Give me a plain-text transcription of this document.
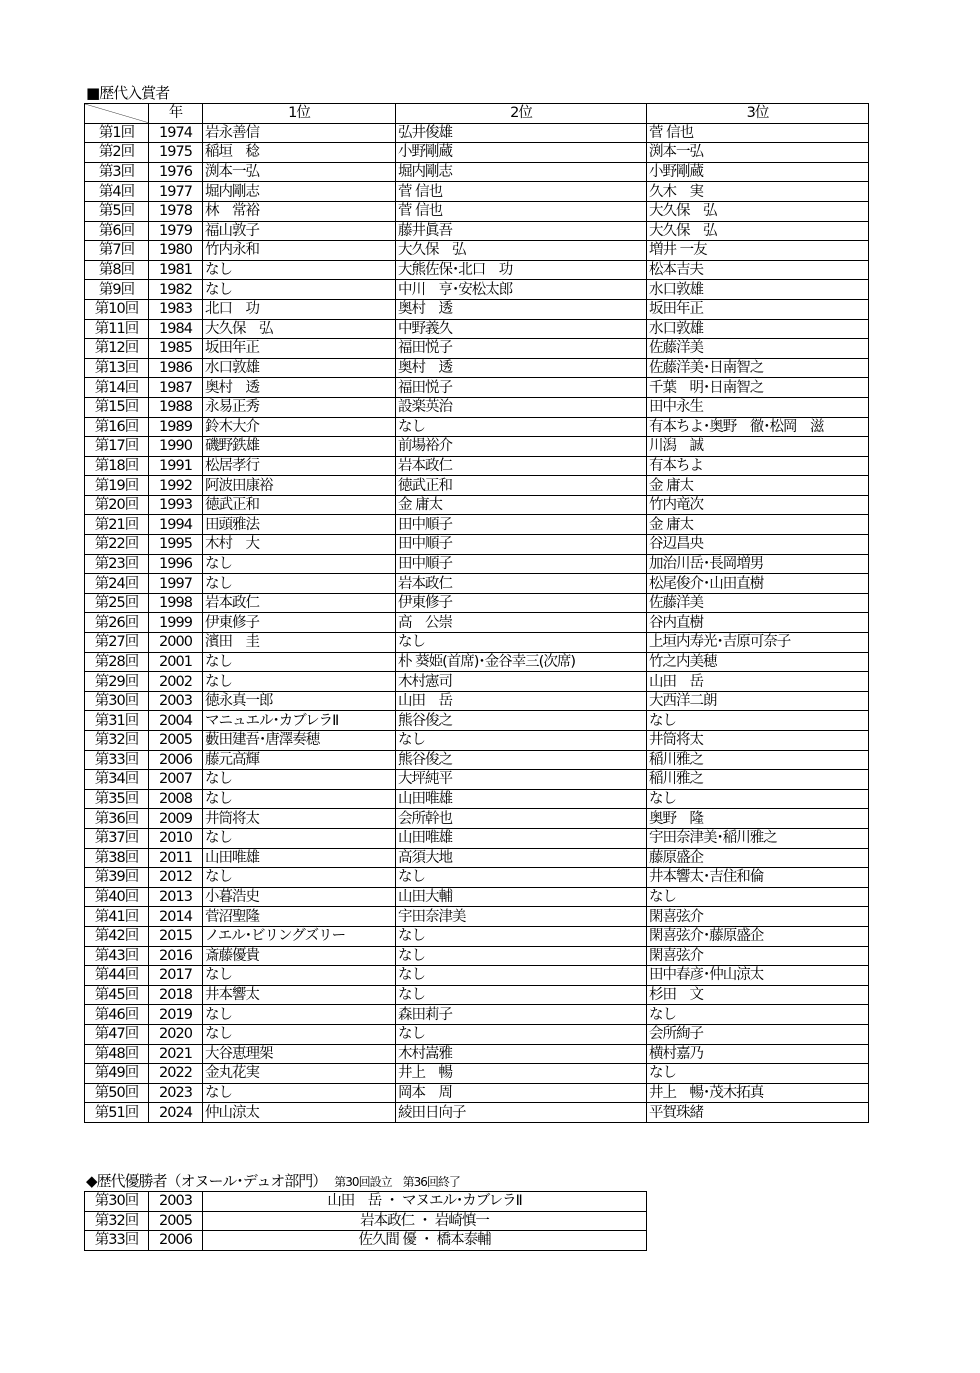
■歴代入賞者
	年	1位	2位	3位
第1回	1974	岩永善信	弘井俊雄	菅 信也
第2回	1975	稲垣　稔	小野剛蔵	渕本一弘
第3回	1976	渕本一弘	堀内剛志	小野剛蔵
第4回	1977	堀内剛志	菅 信也	久木　実
第5回	1978	林　常裕	菅 信也	大久保　弘
第6回	1979	福山敦子	藤井眞吾	大久保　弘
第7回	1980	竹内永和	大久保　弘	増井 一友
第8回	1981	なし	大熊佐保･北口　功	松本吉夫
第9回	1982	なし	中川　亨･安松太郎	水口敦雄
第10回	1983	北口　功	奥村　透	坂田年正
第11回	1984	大久保　弘	中野義久	水口敦雄
第12回	1985	坂田年正	福田悦子	佐藤洋美
第13回	1986	水口敦雄	奥村　透	佐藤洋美･日南智之
第14回	1987	奥村　透	福田悦子	千葉　明･日南智之
第15回	1988	永易正秀	設楽英治	田中永生
第16回	1989	鈴木大介	なし	有本ちよ･奥野　徹･松岡　滋
第17回	1990	磯野鉄雄	前場裕介	川潟　誠
第18回	1991	松居孝行	岩本政仁	有本ちよ
第19回	1992	阿波田康裕	徳武正和	金 庸太
第20回	1993	徳武正和	金 庸太	竹内竜次
第21回	1994	田頭雅法	田中順子	金 庸太
第22回	1995	木村　大	田中順子	谷辺昌央
第23回	1996	なし	田中順子	加治川岳･長岡増男
第24回	1997	なし	岩本政仁	松尾俊介･山田直樹
第25回	1998	岩本政仁	伊東修子	佐藤洋美
第26回	1999	伊東修子	高　公崇	谷内直樹
第27回	2000	濱田　圭	なし	上垣内寿光･吉原可奈子
第28回	2001	なし	朴 葵姫(首席)･金谷幸三(次席)	竹之内美穂
第29回	2002	なし	木村憲司	山田　岳
第30回	2003	徳永真一郎	山田　岳	大西洋二朗
第31回	2004	マニュエル･カブレラⅡ	熊谷俊之	なし
第32回	2005	藪田建吾･唐澤奏穂	なし	井筒将太
第33回	2006	藤元高輝	熊谷俊之	稲川雅之
第34回	2007	なし	大坪純平	稲川雅之
第35回	2008	なし	山田唯雄	なし
第36回	2009	井筒将太	会所幹也	奥野　隆
第37回	2010	なし	山田唯雄	宇田奈津美･稲川雅之
第38回	2011	山田唯雄	高須大地	藤原盛企
第39回	2012	なし	なし	井本響太･吉住和倫
第40回	2013	小暮浩史	山田大輔	なし
第41回	2014	菅沼聖隆	宇田奈津美	閑喜弦介
第42回	2015	ノエル･ビリングズリー	なし	閑喜弦介･藤原盛企
第43回	2016	斎藤優貴	なし	閑喜弦介
第44回	2017	なし	なし	田中春彦･仲山涼太
第45回	2018	井本響太	なし	杉田　文
第46回	2019	なし	森田莉子	なし
第47回	2020	なし	なし	会所絢子
第48回	2021	大谷恵理架	木村嵩雅	横村嘉乃
第49回	2022	金丸花実	井上　暢	なし
第50回	2023	なし	岡本　周	井上　暢･茂木拓真
第51回	2024	仲山涼太	綾田日向子	平賀珠緒
◆歴代優勝者（オヌール･デュオ部門） 第30回設立　第36回終了
第30回	2003	山田　岳 ・ マヌエル･カブレラⅡ
第32回	2005	岩本政仁 ・ 岩崎慎一
第33回	2006	佐久間 優 ・ 橋本泰輔
